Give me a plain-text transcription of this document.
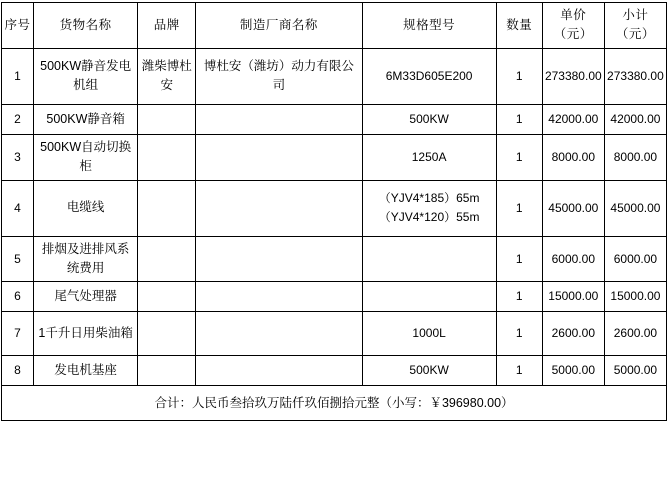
序号	货物名称	品牌	制造厂商名称	规格型号	数量	单价（元）	小计（元）
1	500KW静音发电机组	潍柴博杜安	博杜安（潍坊）动力有限公司	6M33D605E200	1	273380.00	273380.00
2	500KW静音箱			500KW	1	42000.00	42000.00
3	500KW自动切换柜			1250A	1	8000.00	8000.00
4	电缆线			（YJV4*185）65m
（YJV4*120）55m	1	45000.00	45000.00
5	排烟及进排风系统费用				1	6000.00	6000.00
6	尾气处理器				1	15000.00	15000.00
7	1千升日用柴油箱			1000L	1	2600.00	2600.00
8	发电机基座			500KW	1	5000.00	5000.00
合计：人民币叁拾玖万陆仟玖佰捌拾元整（小写：￥396980.00）							
